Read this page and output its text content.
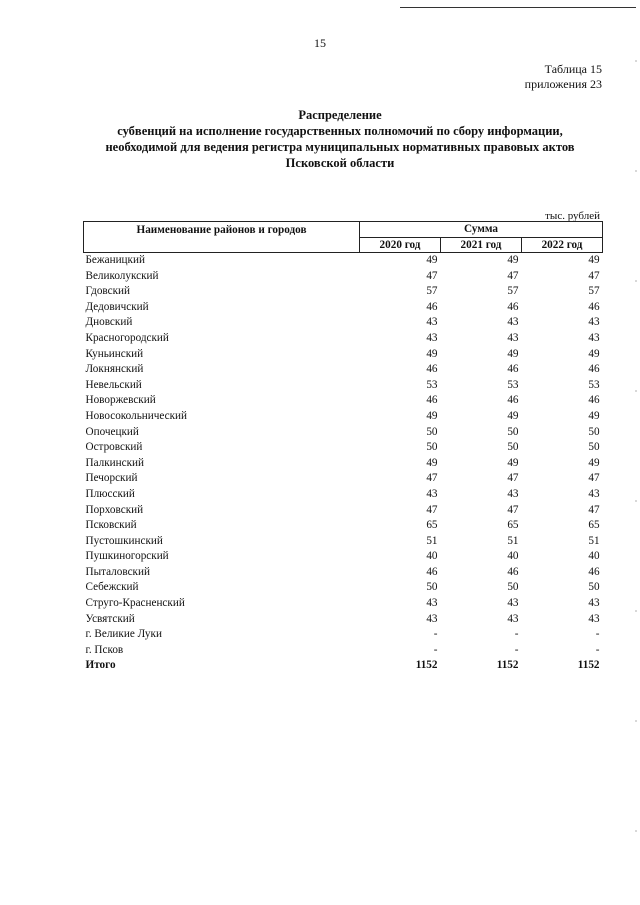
15
Таблица 15
приложения 23
Распределение
субвенций на исполнение государственных полномочий по сбору информации,
необходимой для ведения регистра муниципальных нормативных правовых актов
Псковской области
тыс. рублей
Наименование районов и городов	Сумма		
	2020 год	2021 год	2022 год
Бежаницкий	49	49	49
Великолукский	47	47	47
Гдовский	57	57	57
Дедовичский	46	46	46
Дновский	43	43	43
Красногородский	43	43	43
Куньинский	49	49	49
Локнянский	46	46	46
Невельский	53	53	53
Новоржевский	46	46	46
Новосокольнический	49	49	49
Опочецкий	50	50	50
Островский	50	50	50
Палкинский	49	49	49
Печорский	47	47	47
Плюсский	43	43	43
Порховский	47	47	47
Псковский	65	65	65
Пустошкинский	51	51	51
Пушкиногорский	40	40	40
Пыталовский	46	46	46
Себежский	50	50	50
Струго-Красненский	43	43	43
Усвятский	43	43	43
г. Великие Луки	-	-	-
г. Псков	-	-	-
Итого	1152	1152	1152
